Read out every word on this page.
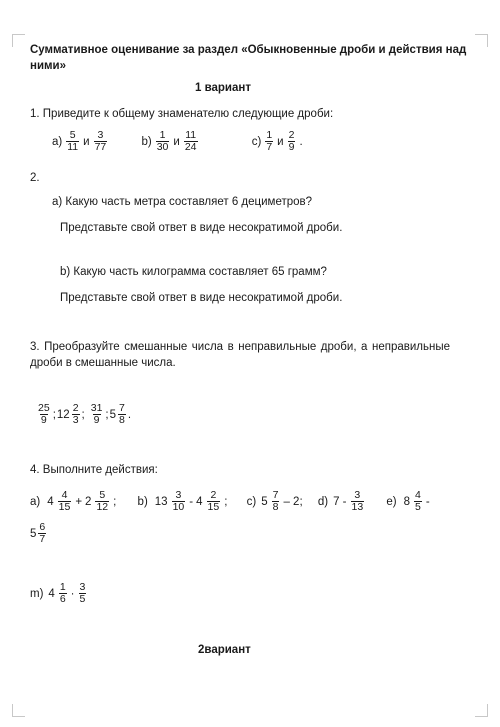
Суммативное оценивание за раздел «Обыкновенные дроби и действия над ними»
1 вариант
1. Приведите к общему знаменателю следующие дроби:
$a) \frac{5}{11}$ и $\frac{3}{77}$
	$b) \frac{1}{30}$ и $\frac{11}{24}$
	$c) \frac{1}{7}$ и $\frac{2}{9}$ .
2.
a) Какую часть метра составляет 6 дециметров?
Представьте свой ответ в виде несократимой дроби.
b) Какую часть килограмма составляет 65 грамм?
Представьте свой ответ в виде несократимой дроби.
3. Преобразуйте смешанные числа в неправильные дроби, а неправильные дроби в смешанные числа.
$\frac{25}{9}$ ; $12 \frac{2}{3}$ ; $\frac{31}{9}$ ; $5 \frac{7}{8}$ .
4. Выполните действия:
a) $4 \frac{4}{15} + 2 \frac{5}{12}$ ;
b) $13 \frac{3}{10} - 4 \frac{2}{15}$ ;
c) $5 \frac{7}{8} - 2$;
d) $7 - \frac{3}{13}$
e) $8 \frac{4}{5}$ -
$5 \frac{6}{7}$
m) $4 \frac{1}{6} \cdot \frac{3}{5}$
2вариант
